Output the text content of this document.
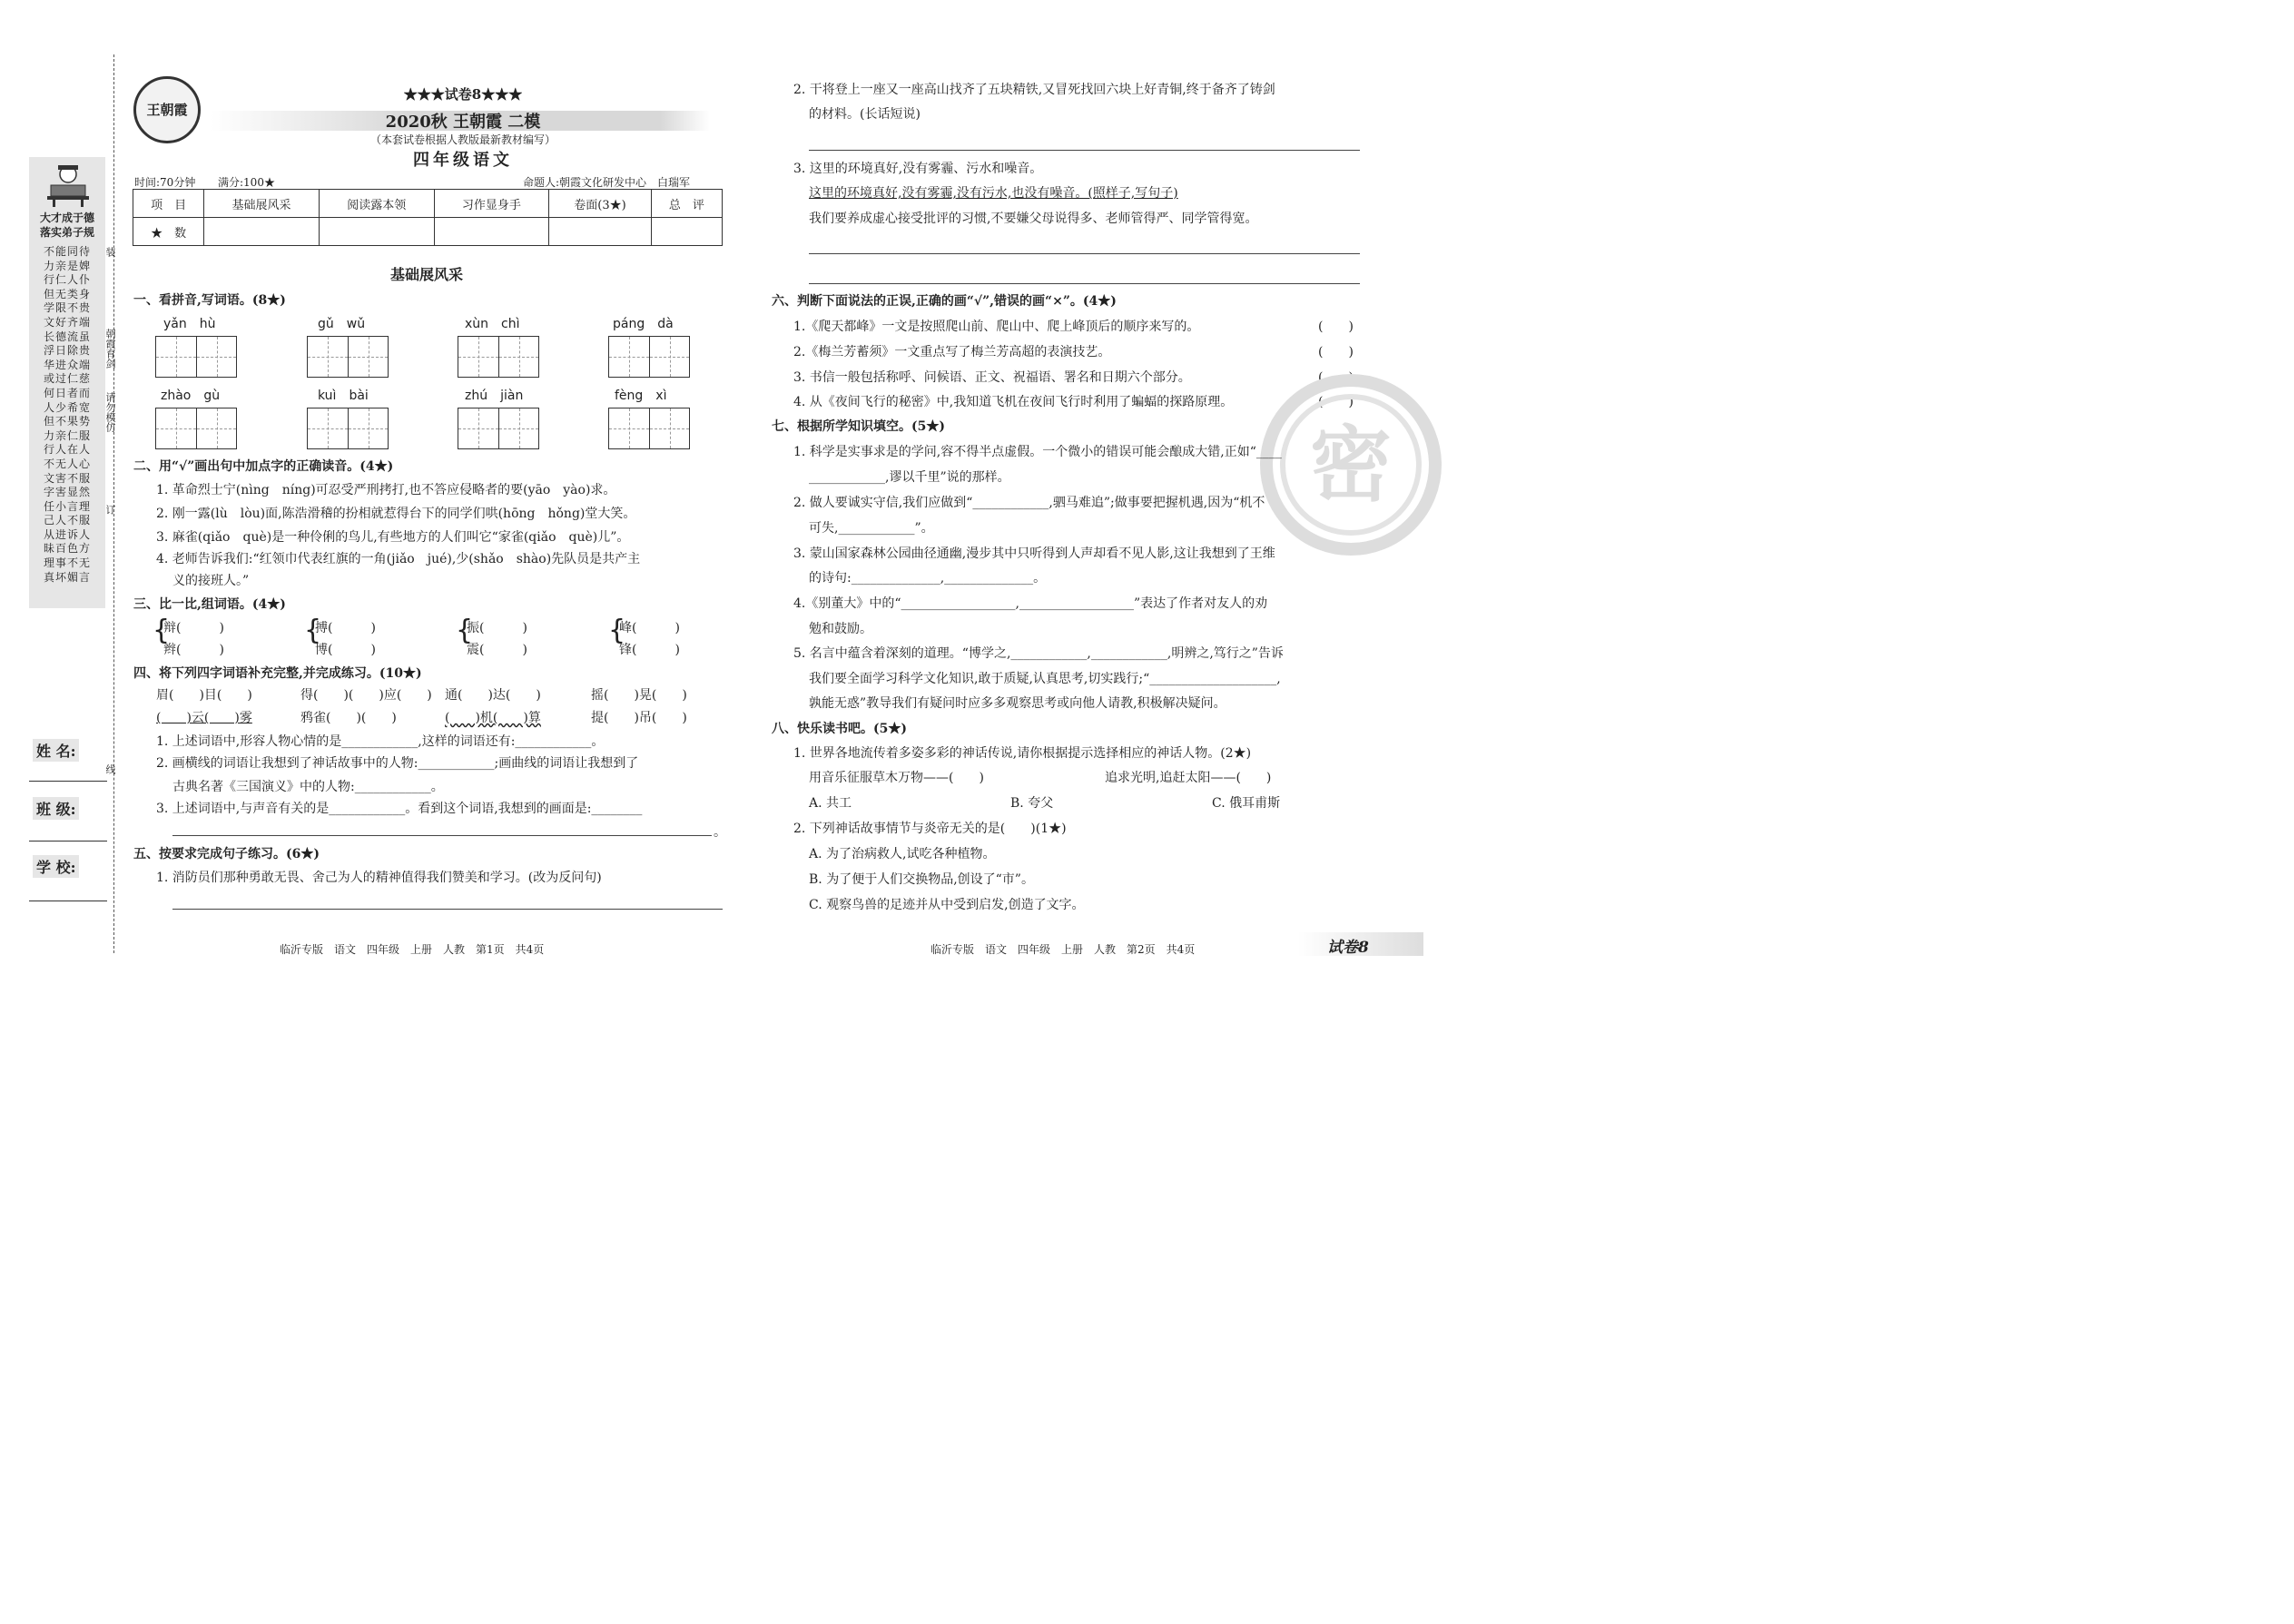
大才成于德
落实弟子规
不能同待
力亲是婢
行仁人仆
但无类身
学限不贵
文好齐端
长德流虽
浮日除贵
华进众端
或过仁慈
何日者而
人少希宽
但不果势
力亲仁服
行人在人
不无人心
文害不服
字害显然
任小言理
己人不服
从进诉人
昧百色方
理事不无
真坏媚言
装
订
线
朝霞育剑
请勿模仿
姓 名:
班 级:
学 校:
王朝霞
★★★试卷8★★★
2020秋 王朝霞 二模
（本套试卷根据人教版最新教材编写）
四年级语文
时间:70分钟 满分:100★	命题人:朝霞文化研发中心　白瑞军
项　目	基础展风采	阅读露本领	习作显身手	卷面(3★)	总　评
★　数					
基础展风采
一、看拼音,写词语。(8★)
yǎn　hù	gǔ　wǔ	xùn　chì	páng　dà
zhào　gù	kuì　bài	zhú　jiàn	fèng　xì
二、用“√”画出句中加点字的正确读音。(4★)
1. 革命烈士宁(nìng　níng)可忍受严刑拷打,也不答应侵略者的要(yāo　yào)求。
2. 刚一露(lù　lòu)面,陈浩滑稽的扮相就惹得台下的同学们哄(hōng　hǒng)堂大笑。
3. 麻雀(qiǎo　què)是一种伶俐的鸟儿,有些地方的人们叫它“家雀(qiǎo　què)儿”。
4. 老师告诉我们:“红领巾代表红旗的一角(jiǎo　jué),少(shǎo　shào)先队员是共产主
义的接班人。”
三、比一比,组词语。(4★)
{
辩(　　　)
辫(　　　)
{
搏(　　　)
博(　　　)
{
振(　　　)
震(　　　)
{
峰(　　　)
锋(　　　)
四、将下列四字词语补充完整,并完成练习。(10★)
眉(　　)目(　　)	得(　　)(　　)应(　　) 通(　　)达(　　)	摇(　　)晃(　　)
(　　)云(　　)雾	鸦雀(　　)(　　)	(　　)机(　　)算	提(　　)吊(　　)
1. 上述词语中,形容人物心情的是____________,这样的词语还有:____________。
2. 画横线的词语让我想到了神话故事中的人物:____________;画曲线的词语让我想到了
古典名著《三国演义》中的人物:____________。
3. 上述词语中,与声音有关的是____________。看到这个词语,我想到的画面是:________
。
五、按要求完成句子练习。(6★)
1. 消防员们那种勇敢无畏、舍己为人的精神值得我们赞美和学习。(改为反问句)
2. 干将登上一座又一座高山找齐了五块精铁,又冒死找回六块上好青铜,终于备齐了铸剑
的材料。(长话短说)
3. 这里的环境真好,没有雾霾、污水和噪音。
这里的环境真好,没有雾霾,没有污水,也没有噪音。(照样子,写句子)
我们要养成虚心接受批评的习惯,不要嫌父母说得多、老师管得严、同学管得宽。
六、判断下面说法的正误,正确的画“√”,错误的画“×”。(4★)
1.《爬天都峰》一文是按照爬山前、爬山中、爬上峰顶后的顺序来写的。	(　　)
2.《梅兰芳蓄须》一文重点写了梅兰芳高超的表演技艺。	(　　)
3. 书信一般包括称呼、问候语、正文、祝福语、署名和日期六个部分。	(　　)
4. 从《夜间飞行的秘密》中,我知道飞机在夜间飞行时利用了蝙蝠的探路原理。	(　　)
密
七、根据所学知识填空。(5★)
1. 科学是实事求是的学问,容不得半点虚假。一个微小的错误可能会酿成大错,正如“____
____________,谬以千里”说的那样。
2. 做人要诚实守信,我们应做到“____________,驷马难追”;做事要把握机遇,因为“机不
可失,____________”。
3. 蒙山国家森林公园曲径通幽,漫步其中只听得到人声却看不见人影,这让我想到了王维
的诗句:______________,______________。
4.《别董大》中的“__________________,__________________”表达了作者对友人的劝
勉和鼓励。
5. 名言中蕴含着深刻的道理。“博学之,____________,____________,明辨之,笃行之”告诉
我们要全面学习科学文化知识,敢于质疑,认真思考,切实践行;“____________________,
孰能无惑”教导我们有疑问时应多多观察思考或向他人请教,积极解决疑问。
八、快乐读书吧。(5★)
1. 世界各地流传着多姿多彩的神话传说,请你根据提示选择相应的神话人物。(2★)
用音乐征服草木万物——(　　)	追求光明,追赶太阳——(　　)
A. 共工	B. 夸父	C. 俄耳甫斯
2. 下列神话故事情节与炎帝无关的是(　　)(1★)
A. 为了治病救人,试吃各种植物。
B. 为了便于人们交换物品,创设了“市”。
C. 观察鸟兽的足迹并从中受到启发,创造了文字。
临沂专版　语文　四年级　上册　人教　第1页　共4页	临沂专版　语文　四年级　上册　人教　第2页　共4页	试卷8
